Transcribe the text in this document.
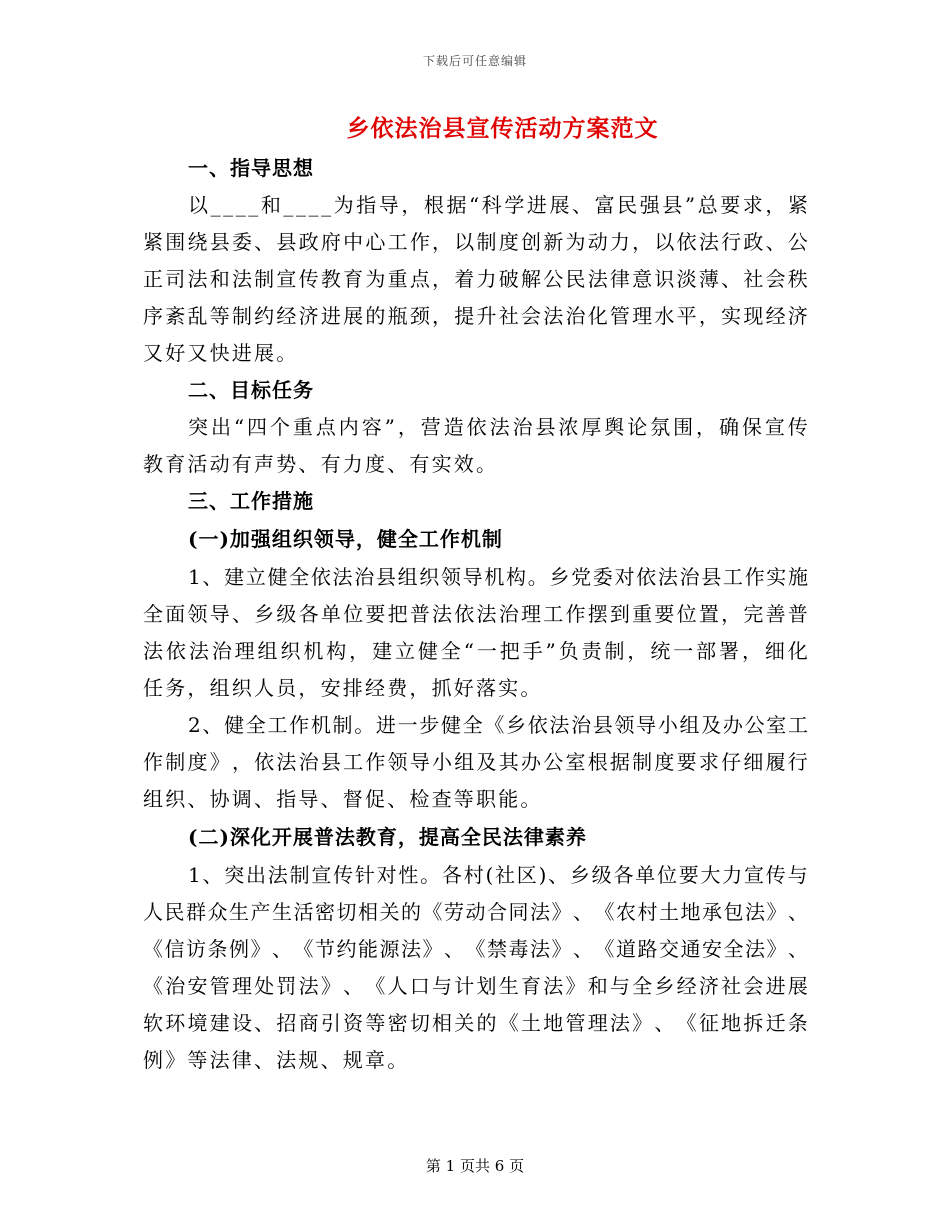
下载后可任意编辑
乡依法治县宣传活动方案范文
一、指导思想
以 _ _ _ _ 和 _ _ _ _ 为 指 导 ， 根 据 “ 科 学 进 展 、 富 民 强 县 ” 总 要 求 ， 紧
紧 围 绕 县 委 、 县 政 府 中 心 工 作 ， 以 制 度 创 新 为 动 力 ， 以 依 法 行 政 、 公
正 司 法 和 法 制 宣 传 教 育 为 重 点 ， 着 力 破 解 公 民 法 律 意 识 淡 薄 、 社 会 秩
序 紊 乱 等 制 约 经 济 进 展 的 瓶 颈 ， 提 升 社 会 法 治 化 管 理 水 平 ， 实 现 经 济
又好又快进展。
二、目标任务
突 出 “ 四 个 重 点 内 容 ” ， 营 造 依 法 治 县 浓 厚 舆 论 氛 围 ， 确 保 宣 传
教育活动有声势、有力度、有实效。
三、工作措施
(一)加强组织领导，健全工作机制
1 、 建 立 健 全 依 法 治 县 组 织 领 导 机 构 。 乡 党 委 对 依 法 治 县 工 作 实 施
全 面 领 导 、 乡 级 各 单 位 要 把 普 法 依 法 治 理 工 作 摆 到 重 要 位 置 ， 完 善 普
法 依 法 治 理 组 织 机 构 ， 建 立 健 全 “ 一 把 手 ” 负 责 制 ， 统 一 部 署 ， 细 化
任务，组织人员，安排经费，抓好落实。
2 、 健 全 工 作 机 制 。 进 一 步 健 全 《 乡 依 法 治 县 领 导 小 组 及 办 公 室 工
作 制 度 》 ， 依 法 治 县 工 作 领 导 小 组 及 其 办 公 室 根 据 制 度 要 求 仔 细 履 行
组织、协调、指导、督促、检查等职能。
(二)深化开展普法教育，提高全民法律素养
1 、 突 出 法 制 宣 传 针 对 性 。 各 村 ( 社 区 ) 、 乡 级 各 单 位 要 大 力 宣 传 与
人 民 群 众 生 产 生 活 密 切 相 关 的 《 劳 动 合 同 法 》 、 《 农 村 土 地 承 包 法 》 、
《 信 访 条 例 》 、 《 节 约 能 源 法 》 、 《 禁 毒 法 》 、 《 道 路 交 通 安 全 法 》 、
《 治 安 管 理 处 罚 法 》 、 《 人 口 与 计 划 生 育 法 》 和 与 全 乡 经 济 社 会 进 展
软 环 境 建 设 、 招 商 引 资 等 密 切 相 关 的 《 土 地 管 理 法 》 、 《 征 地 拆 迁 条
例》等法律、法规、规章。
第 1 页共 6 页
